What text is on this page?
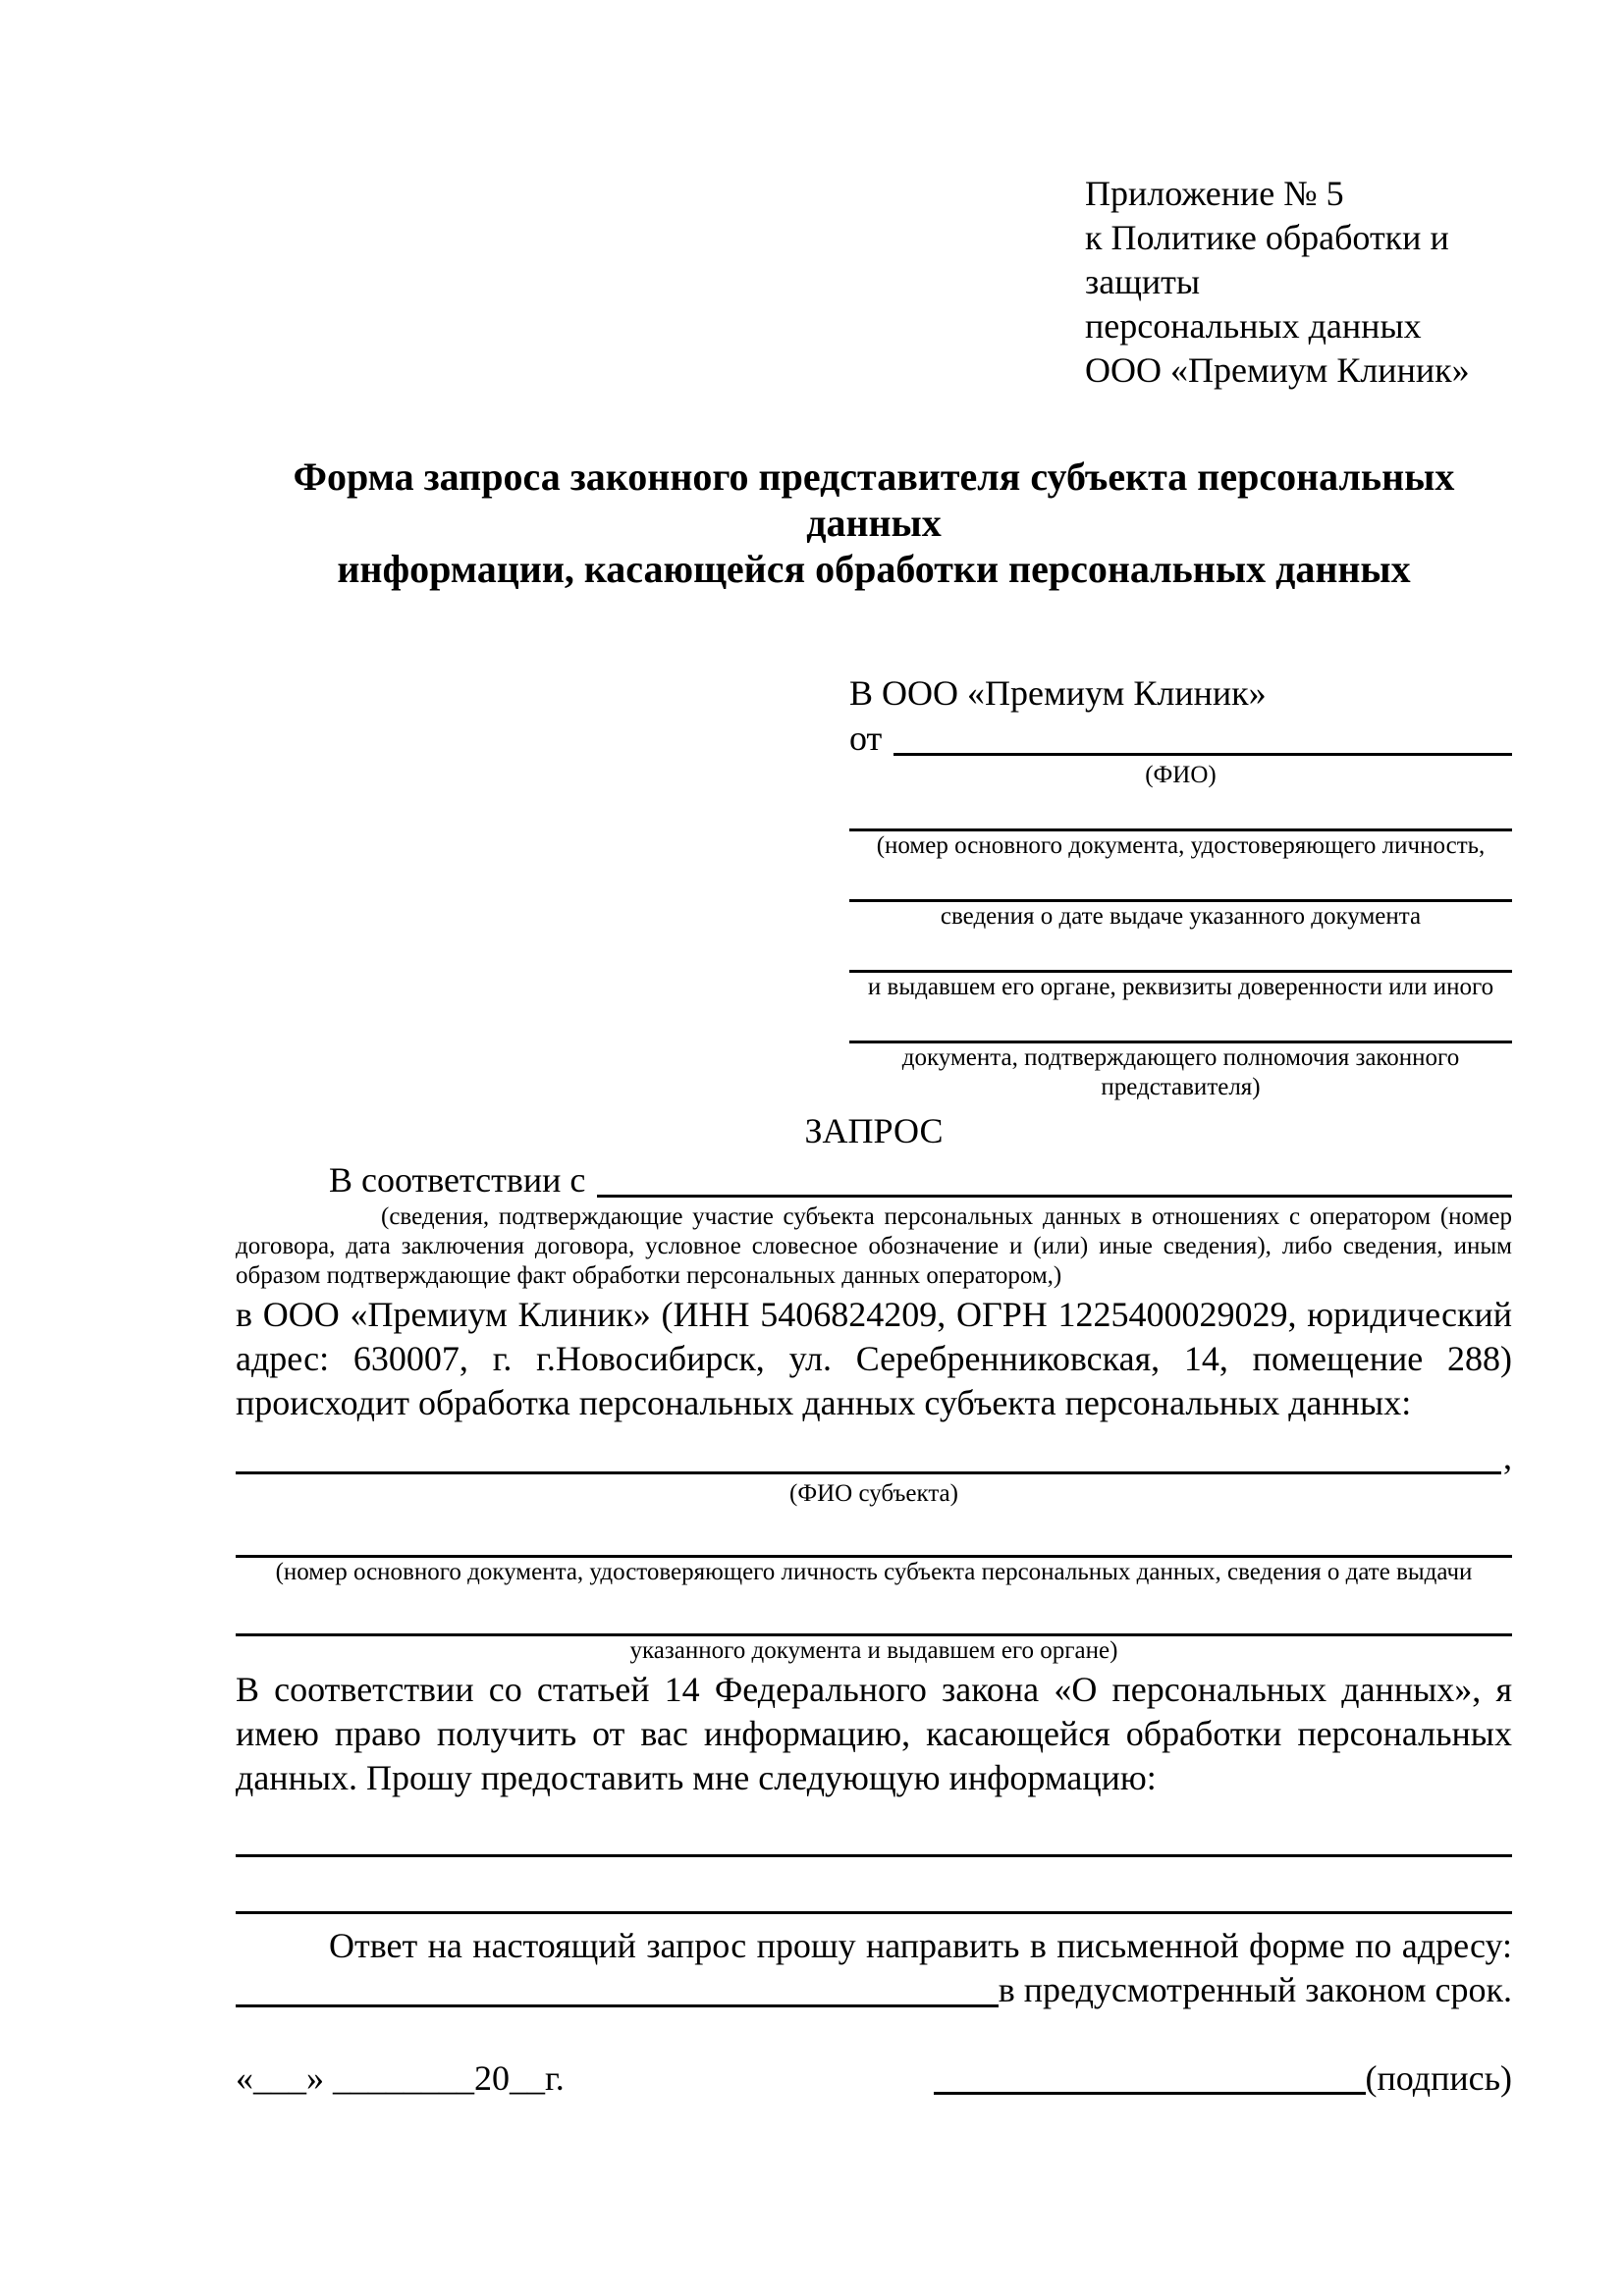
Приложение № 5
к Политике обработки и защиты
персональных данных
ООО «Премиум Клиник»
Форма запроса законного представителя субъекта персональных данных
информации, касающейся обработки персональных данных
В ООО «Премиум Клиник»
от
(ФИО)
(номер основного документа, удостоверяющего личность,
сведения о дате выдаче указанного документа
и выдавшем его органе, реквизиты доверенности или иного
документа, подтверждающего полномочия законного представителя)
ЗАПРОС
В соответствии с

(сведения, подтверждающие участие субъекта персональных данных в отношениях с оператором (номер договора, дата заключения договора, условное словесное обозначение и (или) иные сведения), либо сведения, иным образом подтверждающие факт обработки персональных данных оператором,)

в ООО «Премиум Клиник» (ИНН 5406824209, ОГРН 1225400029029, юридический адрес: 630007, г. г.Новосибирск, ул. Серебренниковская, 14, помещение 288) происходит обработка персональных данных субъекта персональных данных:

,
(ФИО субъекта)
(номер основного документа, удостоверяющего личность субъекта персональных данных, сведения о дате выдачи
указанного документа и выдавшем его органе)

В соответствии со статьей 14 Федерального закона «О персональных данных», я имею право получить от вас информацию, касающейся обработки персональных данных. Прошу предоставить мне следующую информацию:

Ответ на настоящий запрос прошу направить в письменной форме по адресу:
в предусмотренный законом срок.
«___» ________20__г.	(подпись)
